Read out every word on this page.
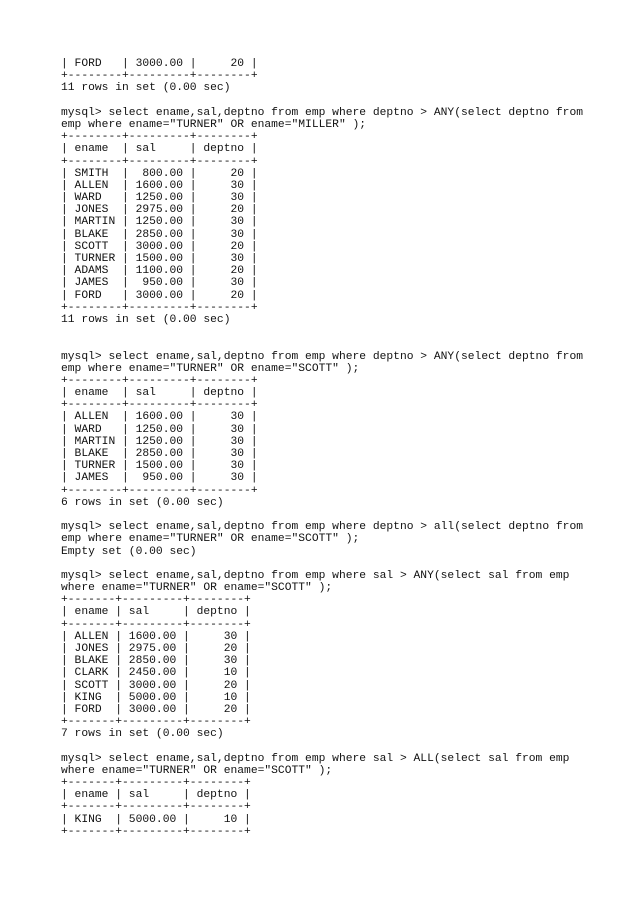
| FORD   | 3000.00 |     20 |
+--------+---------+--------+
11 rows in set (0.00 sec)
mysql> select ename,sal,deptno from emp where deptno > ANY(select deptno from
emp where ename="TURNER" OR ename="MILLER" );
+--------+---------+--------+
| ename  | sal     | deptno |
+--------+---------+--------+
| SMITH  |  800.00 |     20 |
| ALLEN  | 1600.00 |     30 |
| WARD   | 1250.00 |     30 |
| JONES  | 2975.00 |     20 |
| MARTIN | 1250.00 |     30 |
| BLAKE  | 2850.00 |     30 |
| SCOTT  | 3000.00 |     20 |
| TURNER | 1500.00 |     30 |
| ADAMS  | 1100.00 |     20 |
| JAMES  |  950.00 |     30 |
| FORD   | 3000.00 |     20 |
+--------+---------+--------+
11 rows in set (0.00 sec)
mysql> select ename,sal,deptno from emp where deptno > ANY(select deptno from
emp where ename="TURNER" OR ename="SCOTT" );
+--------+---------+--------+
| ename  | sal     | deptno |
+--------+---------+--------+
| ALLEN  | 1600.00 |     30 |
| WARD   | 1250.00 |     30 |
| MARTIN | 1250.00 |     30 |
| BLAKE  | 2850.00 |     30 |
| TURNER | 1500.00 |     30 |
| JAMES  |  950.00 |     30 |
+--------+---------+--------+
6 rows in set (0.00 sec)
mysql> select ename,sal,deptno from emp where deptno > all(select deptno from
emp where ename="TURNER" OR ename="SCOTT" );
Empty set (0.00 sec)
mysql> select ename,sal,deptno from emp where sal > ANY(select sal from emp
where ename="TURNER" OR ename="SCOTT" );
+-------+---------+--------+
| ename | sal     | deptno |
+-------+---------+--------+
| ALLEN | 1600.00 |     30 |
| JONES | 2975.00 |     20 |
| BLAKE | 2850.00 |     30 |
| CLARK | 2450.00 |     10 |
| SCOTT | 3000.00 |     20 |
| KING  | 5000.00 |     10 |
| FORD  | 3000.00 |     20 |
+-------+---------+--------+
7 rows in set (0.00 sec)
mysql> select ename,sal,deptno from emp where sal > ALL(select sal from emp
where ename="TURNER" OR ename="SCOTT" );
+-------+---------+--------+
| ename | sal     | deptno |
+-------+---------+--------+
| KING  | 5000.00 |     10 |
+-------+---------+--------+
